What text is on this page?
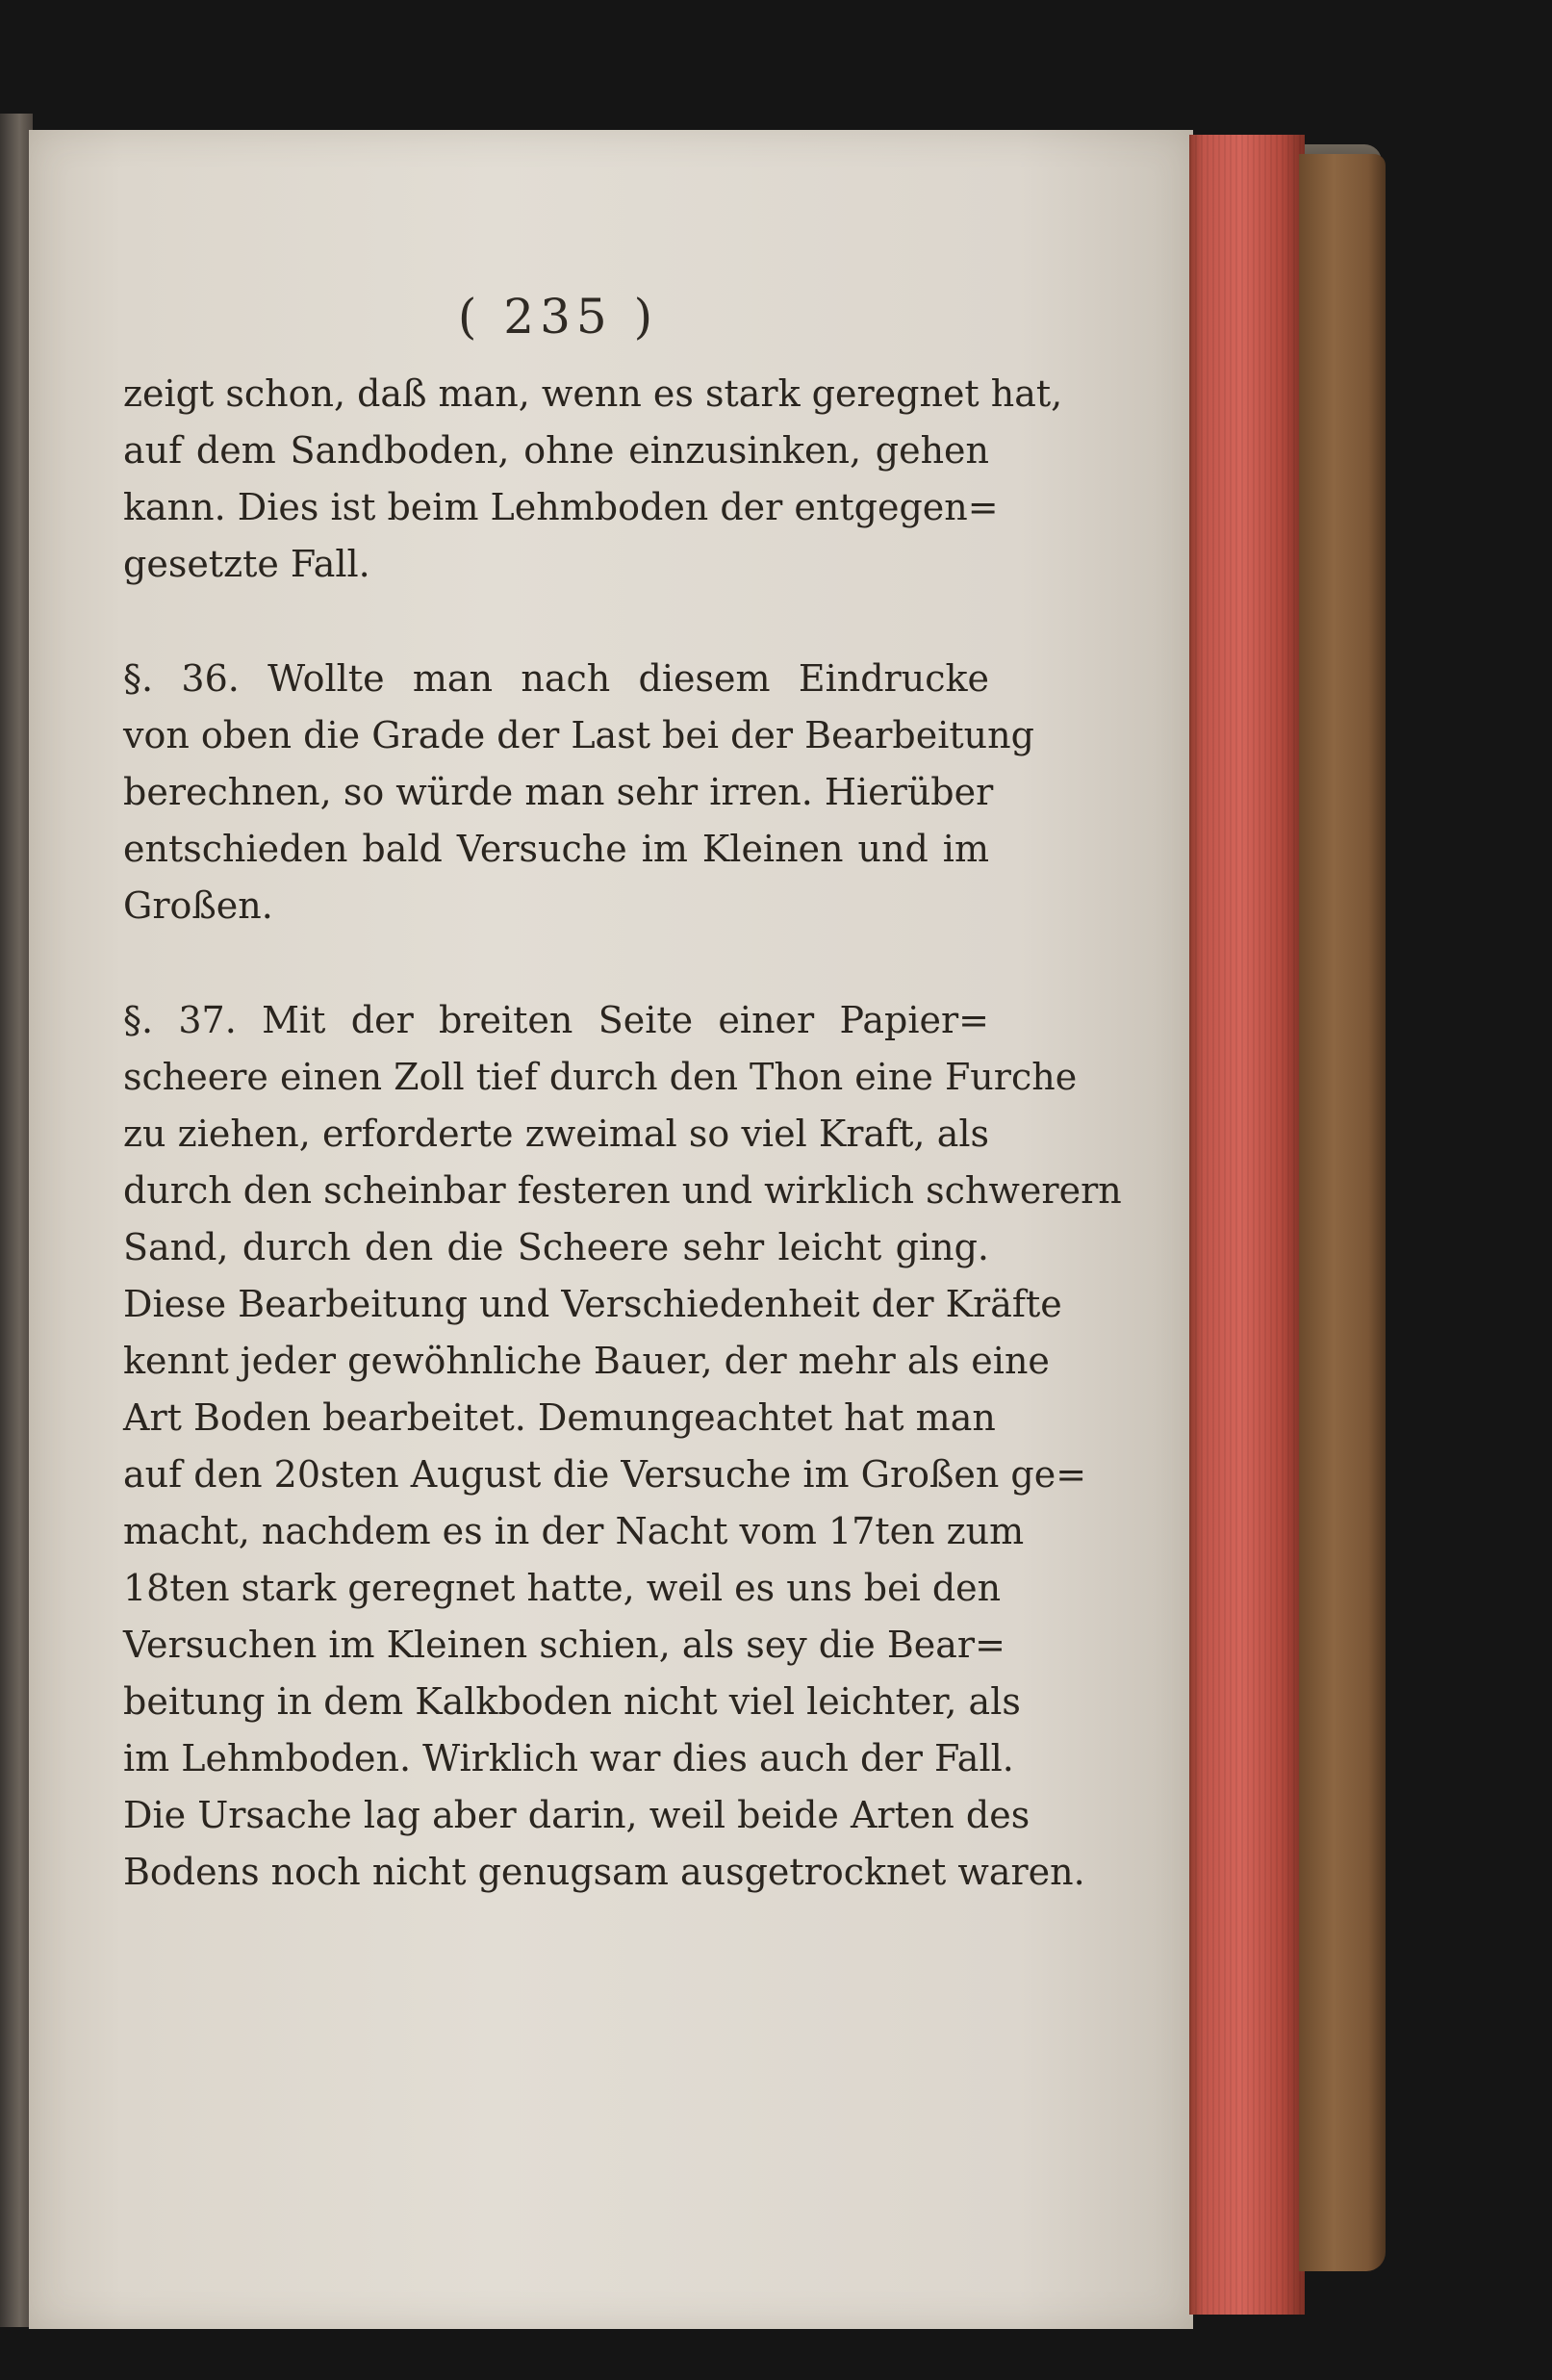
( 235 )
zeigt schon, daß man, wenn es stark geregnet hat,
auf dem Sandboden, ohne einzusinken, gehen
kann. Dies ist beim Lehmboden der entgegen=
gesetzte Fall.
§. 36. Wollte man nach diesem Eindrucke
von oben die Grade der Last bei der Bearbeitung
berechnen, so würde man sehr irren. Hierüber
entschieden bald Versuche im Kleinen und im
Großen.
§. 37. Mit der breiten Seite einer Papier=
scheere einen Zoll tief durch den Thon eine Furche
zu ziehen, erforderte zweimal so viel Kraft, als
durch den scheinbar festeren und wirklich schwerern
Sand, durch den die Scheere sehr leicht ging.
Diese Bearbeitung und Verschiedenheit der Kräfte
kennt jeder gewöhnliche Bauer, der mehr als eine
Art Boden bearbeitet. Demungeachtet hat man
auf den 20sten August die Versuche im Großen ge=
macht, nachdem es in der Nacht vom 17ten zum
18ten stark geregnet hatte, weil es uns bei den
Versuchen im Kleinen schien, als sey die Bear=
beitung in dem Kalkboden nicht viel leichter, als
im Lehmboden. Wirklich war dies auch der Fall.
Die Ursache lag aber darin, weil beide Arten des
Bodens noch nicht genugsam ausgetrocknet waren.
